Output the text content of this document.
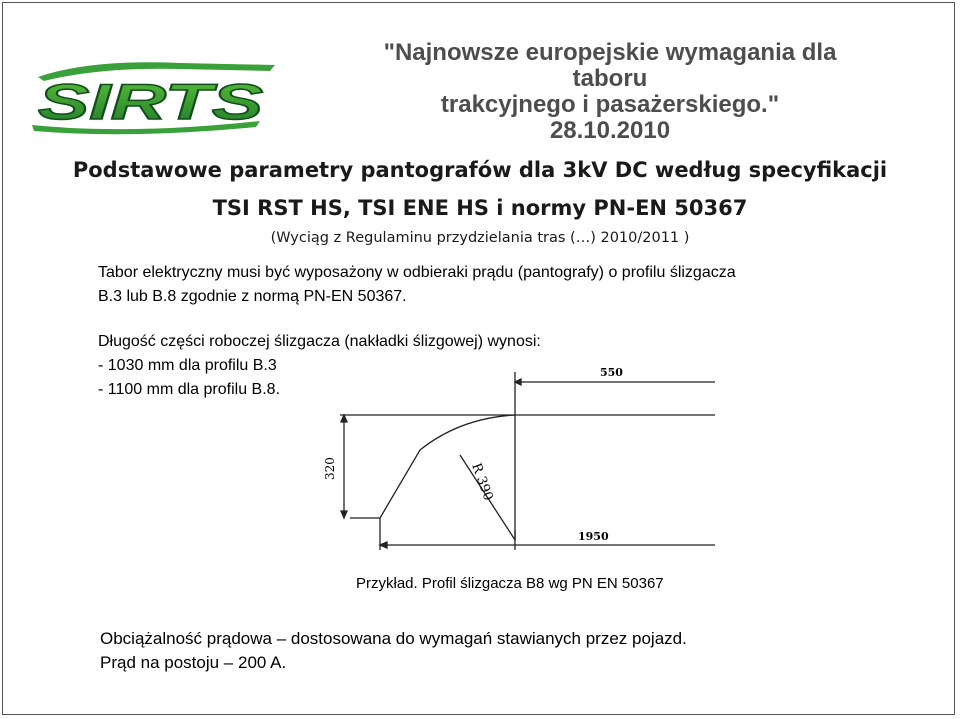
SIRTS
"Najnowsze europejskie wymagania dla taboru
trakcyjnego i pasażerskiego."
28.10.2010
Podstawowe parametry pantografów dla 3kV DC według specyfikacji
TSI RST HS, TSI ENE HS i normy PN-EN 50367
(Wyciąg z Regulaminu przydzielania tras (…) 2010/2011 )
Tabor elektryczny musi być wyposażony w odbieraki prądu (pantografy) o profilu ślizgacza
B.3 lub B.8 zgodnie z normą PN-EN 50367.
Długość części roboczej ślizgacza (nakładki ślizgowej) wynosi:
- 1030 mm dla profilu B.3
- 1100 mm dla profilu B.8.
550
320	R 390
1950
Przykład. Profil ślizgacza B8 wg PN EN 50367
Obciążalność prądowa – dostosowana do wymagań stawianych przez pojazd.
Prąd na postoju – 200 A.
